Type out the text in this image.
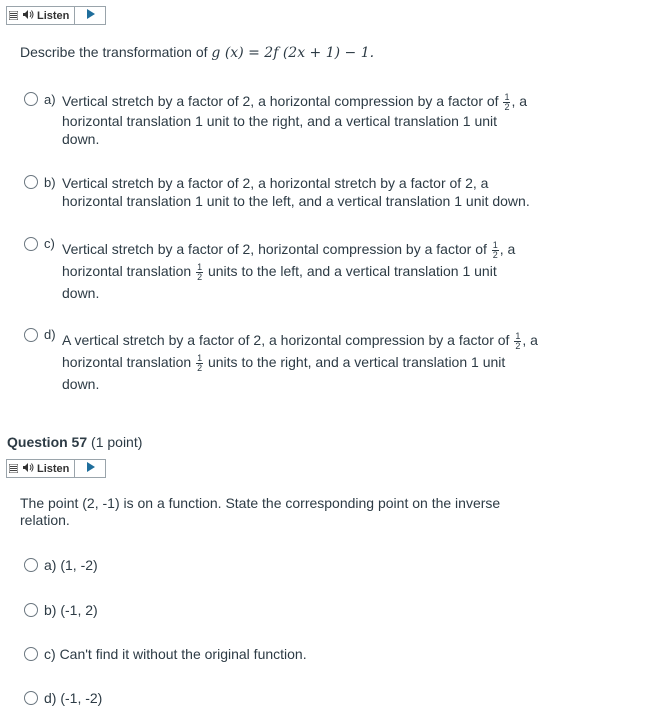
Listen
Describe the transformation of g (x) = 2f (2x + 1) − 1.
a) Vertical stretch by a factor of 2, a horizontal compression by a factor of $\frac{1}{2}$ , a
horizontal translation 1 unit to the right, and a vertical translation 1 unit
down.
b) Vertical stretch by a factor of 2, a horizontal stretch by a factor of 2, a
horizontal translation 1 unit to the left, and a vertical translation 1 unit down.
c) Vertical stretch by a factor of 2, horizontal compression by a factor of $\frac{1}{2}$ , a
horizontal translation $\frac{1}{2}$ units to the left, and a vertical translation 1 unit
down.
d) A vertical stretch by a factor of 2, a horizontal compression by a factor of $\frac{1}{2}$ , a
horizontal translation $\frac{1}{2}$ units to the right, and a vertical translation 1 unit
down.
Question 57 (1 point)
Listen
The point (2, -1) is on a function. State the corresponding point on the inverse
relation.
a) (1, -2)
b) (-1, 2)
c) Can't find it without the original function.
d) (-1, -2)
